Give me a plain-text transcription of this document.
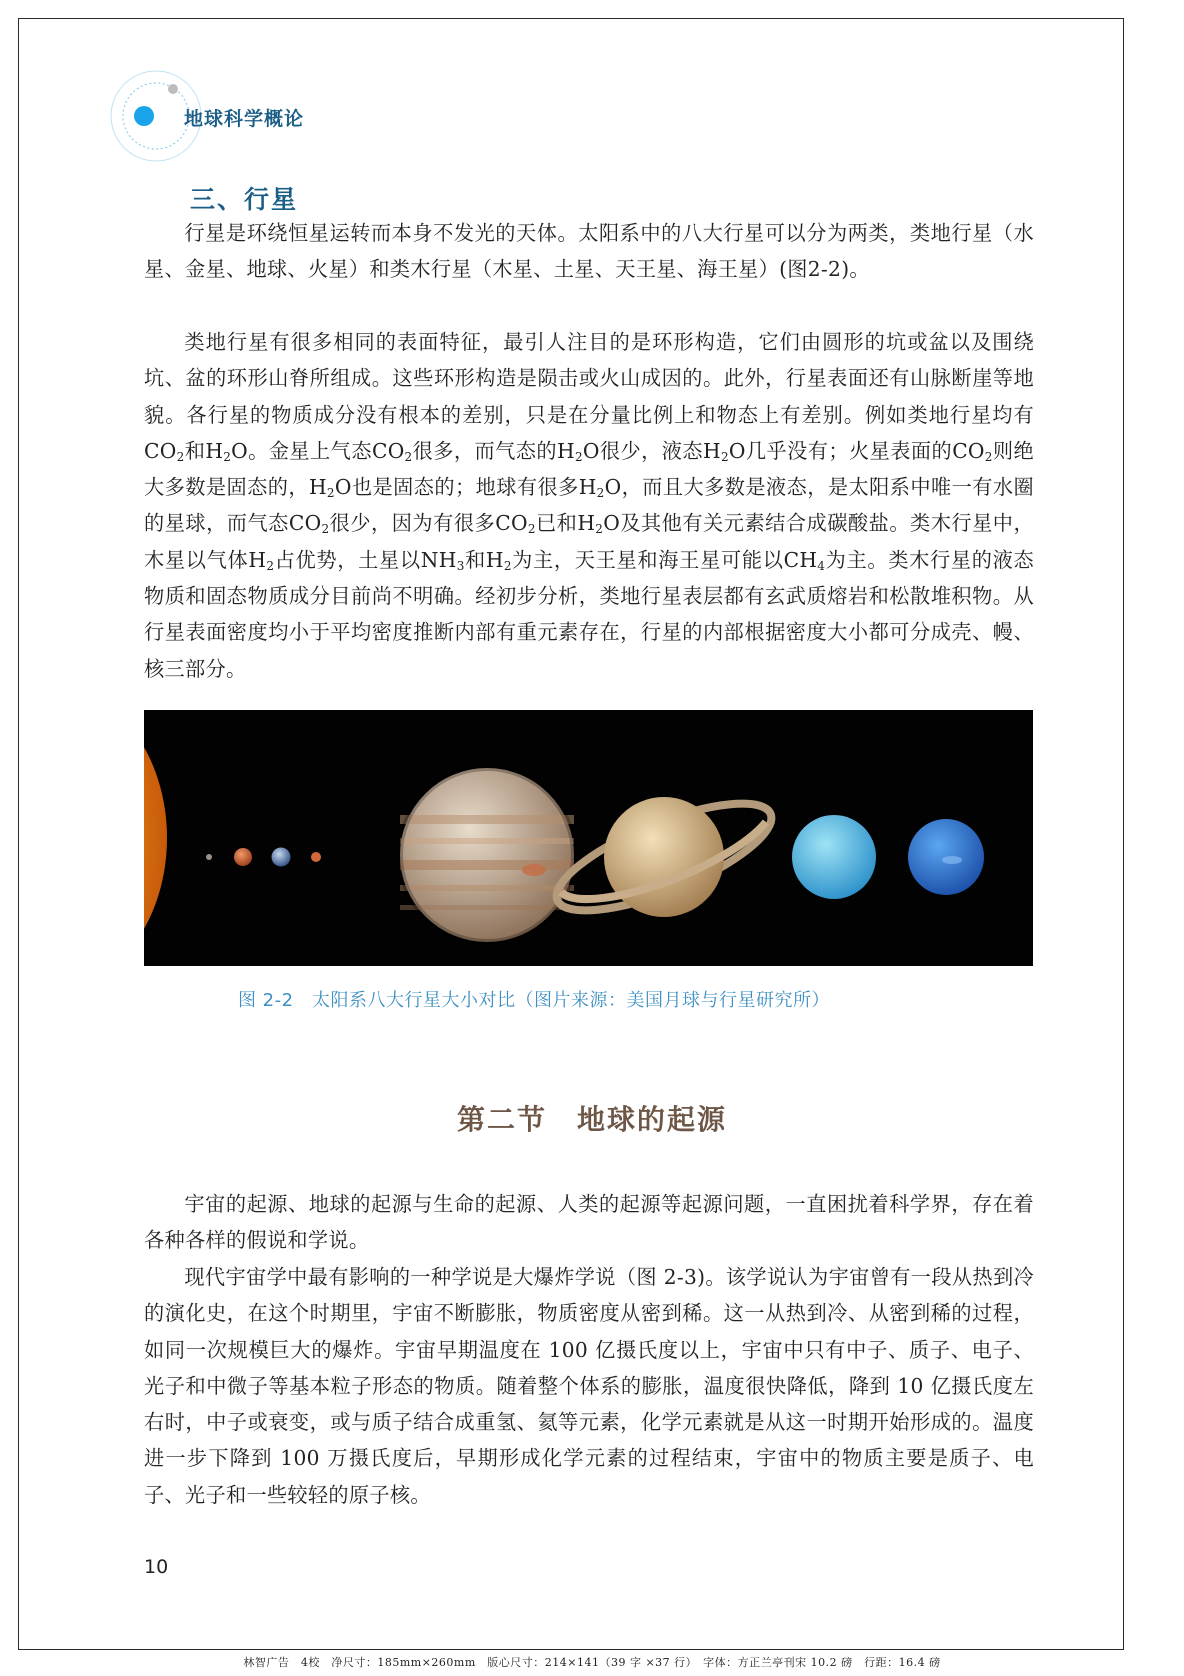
地球科学概论
三、行星

行星是环绕恒星运转而本身不发光的天体。太阳系中的八大行星可以分为两类，类地行星（水星、金星、地球、火星）和类木行星（木星、土星、天王星、海王星）(图2-2)。

类地行星有很多相同的表面特征，最引人注目的是环形构造，它们由圆形的坑或盆以及围绕坑、盆的环形山脊所组成。这些环形构造是陨击或火山成因的。此外，行星表面还有山脉断崖等地貌。各行星的物质成分没有根本的差别，只是在分量比例上和物态上有差别。例如类地行星均有$CO_2$和$H_2O$。金星上气态$CO_2$很多，而气态的$H_2O$很少，液态$H_2O$几乎没有；火星表面的$CO_2$则绝大多数是固态的，$H_2O$也是固态的；地球有很多$H_2O$，而且大多数是液态，是太阳系中唯一有水圈的星球，而气态$CO_2$很少，因为有很多$CO_2$已和$H_2O$及其他有关元素结合成碳酸盐。类木行星中，木星以气体$H_2$占优势，土星以$NH_3$和$H_2$为主，天王星和海王星可能以$CH_4$为主。类木行星的液态物质和固态物质成分目前尚不明确。经初步分析，类地行星表层都有玄武质熔岩和松散堆积物。从行星表面密度均小于平均密度推断内部有重元素存在，行星的内部根据密度大小都可分成壳、幔、核三部分。

图 2-2　太阳系八大行星大小对比（图片来源：美国月球与行星研究所）
第二节 地球的起源

宇宙的起源、地球的起源与生命的起源、人类的起源等起源问题，一直困扰着科学界，存在着各种各样的假说和学说。

现代宇宙学中最有影响的一种学说是大爆炸学说（图 2-3)。该学说认为宇宙曾有一段从热到冷的演化史，在这个时期里，宇宙不断膨胀，物质密度从密到稀。这一从热到冷、从密到稀的过程，如同一次规模巨大的爆炸。宇宙早期温度在 100 亿摄氏度以上，宇宙中只有中子、质子、电子、光子和中微子等基本粒子形态的物质。随着整个体系的膨胀，温度很快降低，降到 10 亿摄氏度左右时，中子或衰变，或与质子结合成重氢、氦等元素，化学元素就是从这一时期开始形成的。温度进一步下降到 100 万摄氏度后，早期形成化学元素的过程结束，宇宙中的物质主要是质子、电子、光子和一些较轻的原子核。

10
林智广告　4校　净尺寸：185mm×260mm　版心尺寸：214×141（39 字 ×37 行）　字体：方正兰亭刊宋 10.2 磅　行距：16.4 磅
